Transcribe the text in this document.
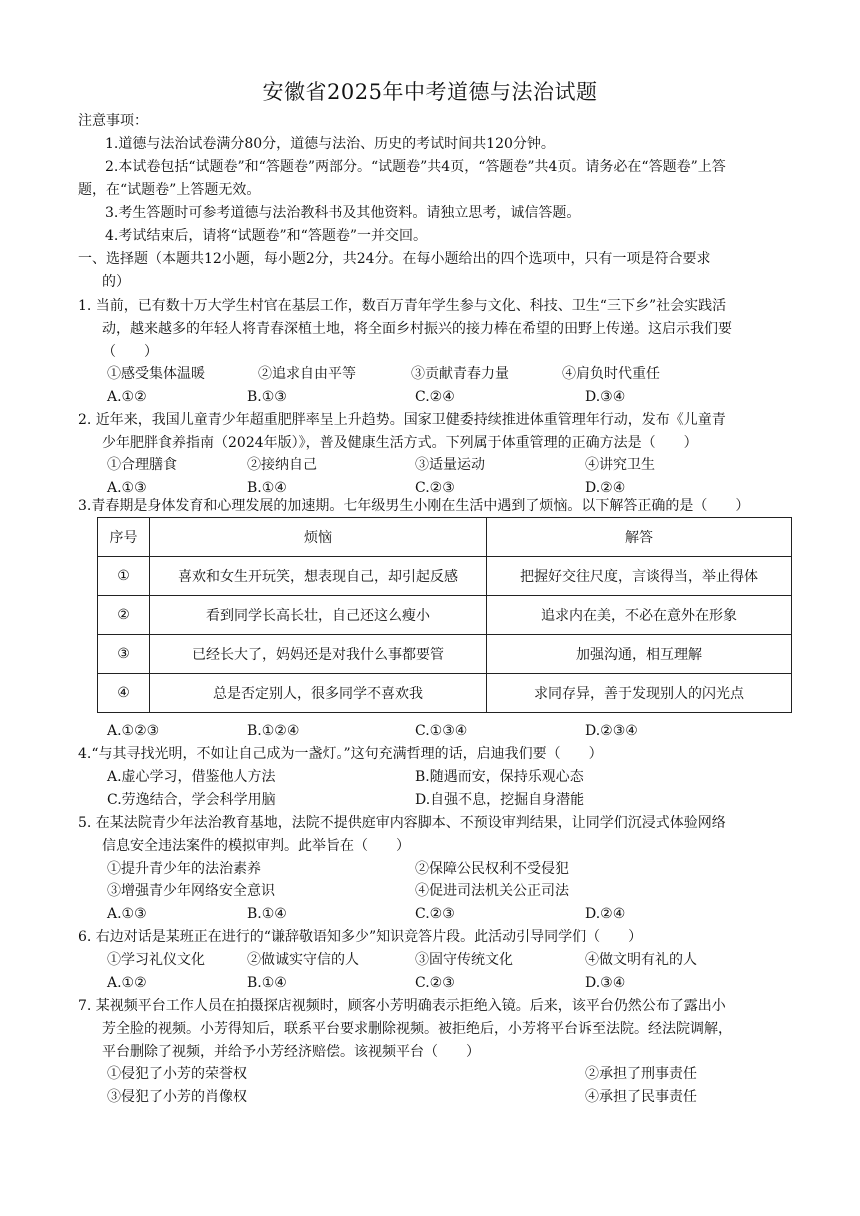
安徽省2025年中考道德与法治试题
注意事项：
1.道德与法治试卷满分80分，道德与法治、历史的考试时间共120分钟。
2.本试卷包括“试题卷”和“答题卷”两部分。“试题卷”共4页，“答题卷”共4页。请务必在“答题卷”上答
题，在“试题卷”上答题无效。
3.考生答题时可参考道德与法治教科书及其他资料。请独立思考，诚信答题。
4.考试结束后，请将“试题卷”和“答题卷”一并交回。
一、选择题（本题共12小题，每小题2分，共24分。在每小题给出的四个选项中，只有一项是符合要求
的）
1. 当前，已有数十万大学生村官在基层工作，数百万青年学生参与文化、科技、卫生“三下乡”社会实践活
动，越来越多的年轻人将青春深植土地，将全面乡村振兴的接力棒在希望的田野上传递。这启示我们要
（　　）
①感受集体温暖	②追求自由平等	③贡献青春力量	④肩负时代重任
A.①②	B.①③	C.②④	D.③④
2. 近年来，我国儿童青少年超重肥胖率呈上升趋势。国家卫健委持续推进体重管理年行动，发布《儿童青
少年肥胖食养指南（2024年版）》，普及健康生活方式。下列属于体重管理的正确方法是（　　）
①合理膳食	②接纳自己	③适量运动	④讲究卫生
A.①③	B.①④	C.②③	D.②④
3.青春期是身体发育和心理发展的加速期。七年级男生小刚在生活中遇到了烦恼。以下解答正确的是（　　）
序号	烦恼	解答
①	喜欢和女生开玩笑，想表现自己，却引起反感	把握好交往尺度，言谈得当，举止得体
②	看到同学长高长壮，自己还这么瘦小	追求内在美，不必在意外在形象
③	已经长大了，妈妈还是对我什么事都要管	加强沟通，相互理解
④	总是否定别人，很多同学不喜欢我	求同存异，善于发现别人的闪光点
A.①②③	B.①②④	C.①③④	D.②③④
4.“与其寻找光明，不如让自己成为一盏灯。”这句充满哲理的话，启迪我们要（　　）
A.虚心学习，借鉴他人方法	B.随遇而安，保持乐观心态
C.劳逸结合，学会科学用脑	D.自强不息，挖掘自身潜能
5. 在某法院青少年法治教育基地，法院不提供庭审内容脚本、不预设审判结果，让同学们沉浸式体验网络
信息安全违法案件的模拟审判。此举旨在（　　）
①提升青少年的法治素养	②保障公民权利不受侵犯
③增强青少年网络安全意识	④促进司法机关公正司法
A.①③	B.①④	C.②③	D.②④
6. 右边对话是某班正在进行的“谦辞敬语知多少”知识竞答片段。此活动引导同学们（　　）
①学习礼仪文化	②做诚实守信的人	③固守传统文化	④做文明有礼的人
A.①②	B.①④	C.②③	D.③④
7. 某视频平台工作人员在拍摄探店视频时，顾客小芳明确表示拒绝入镜。后来，该平台仍然公布了露出小
芳全脸的视频。小芳得知后，联系平台要求删除视频。被拒绝后，小芳将平台诉至法院。经法院调解，
平台删除了视频，并给予小芳经济赔偿。该视频平台（　　）
①侵犯了小芳的荣誉权	②承担了刑事责任
③侵犯了小芳的肖像权	④承担了民事责任
